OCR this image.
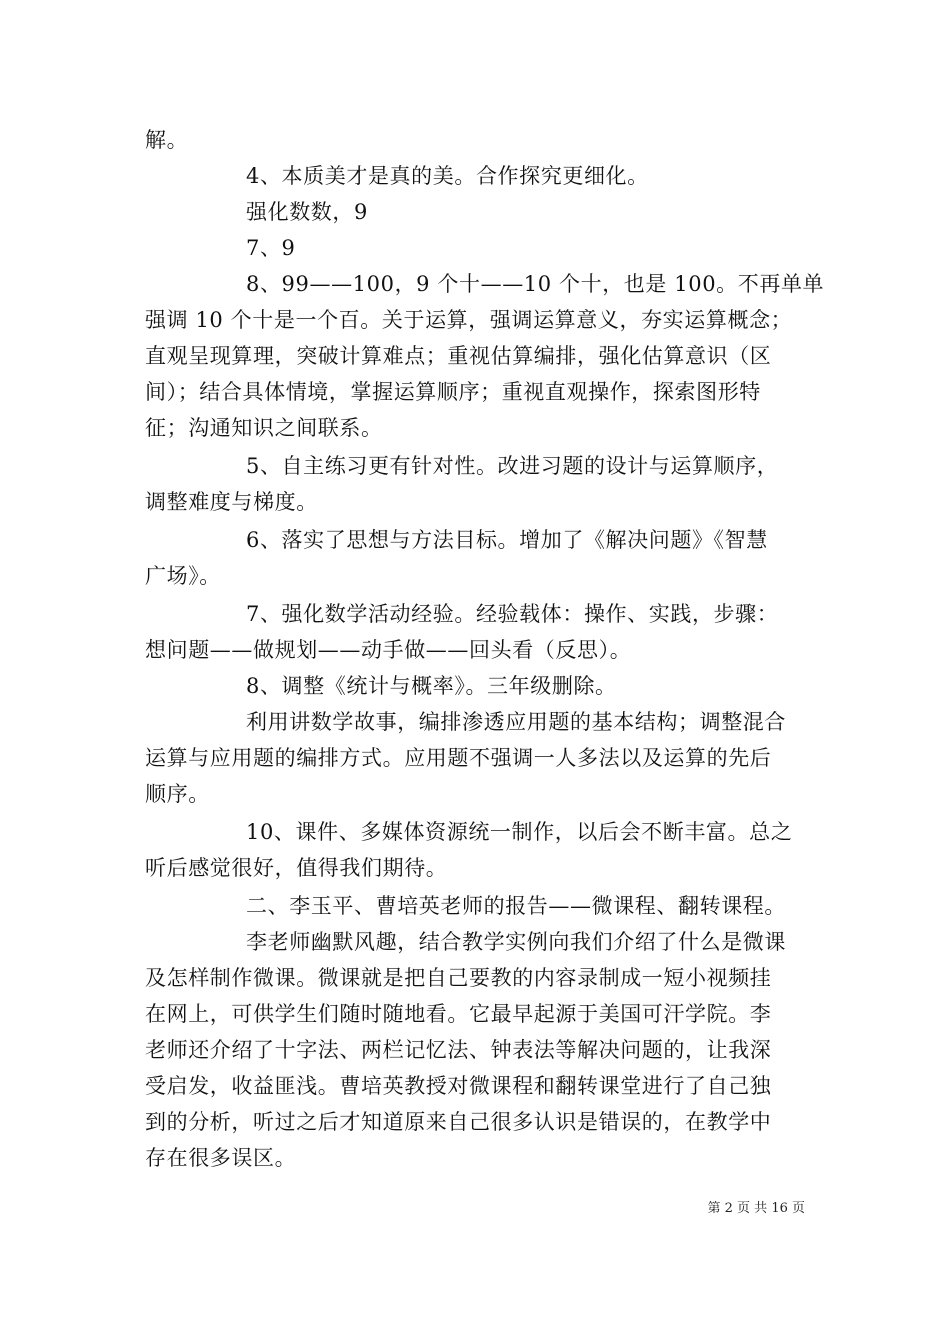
解。
4、本质美才是真的美。合作探究更细化。
强化数数，9
7、9
8、99——100，9 个十——10 个十，也是 100。不再单单
强调 10 个十是一个百。关于运算，强调运算意义，夯实运算概念；
直观呈现算理，突破计算难点；重视估算编排，强化估算意识（区
间）；结合具体情境，掌握运算顺序；重视直观操作，探索图形特
征；沟通知识之间联系。
5、自主练习更有针对性。改进习题的设计与运算顺序，
调整难度与梯度。
6、落实了思想与方法目标。增加了《解决问题》《智慧
广场》。
7、强化数学活动经验。经验载体：操作、实践，步骤：
想问题——做规划——动手做——回头看（反思）。
8、调整《统计与概率》。三年级删除。
利用讲数学故事，编排渗透应用题的基本结构；调整混合
运算与应用题的编排方式。应用题不强调一人多法以及运算的先后
顺序。
10、课件、多媒体资源统一制作，以后会不断丰富。总之
听后感觉很好，值得我们期待。
二、李玉平、曹培英老师的报告——微课程、翻转课程。
李老师幽默风趣，结合教学实例向我们介绍了什么是微课
及怎样制作微课。微课就是把自己要教的内容录制成一短小视频挂
在网上，可供学生们随时随地看。它最早起源于美国可汗学院。李
老师还介绍了十字法、两栏记忆法、钟表法等解决问题的，让我深
受启发，收益匪浅。曹培英教授对微课程和翻转课堂进行了自己独
到的分析，听过之后才知道原来自己很多认识是错误的，在教学中
存在很多误区。
第 2 页 共 16 页
